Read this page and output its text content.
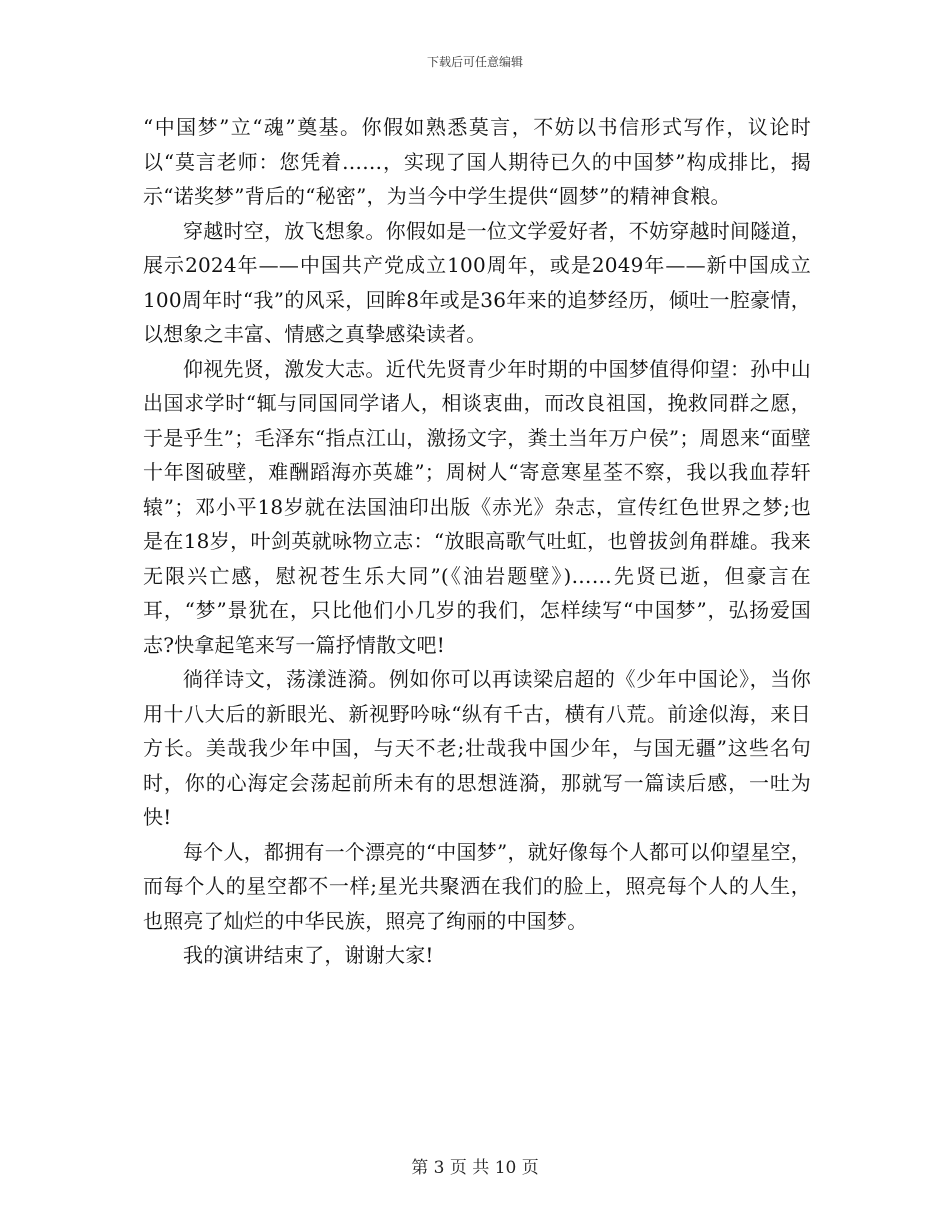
下载后可任意编辑

“中国梦”立“魂”奠基。你假如熟悉莫言，不妨以书信形式写作，议论时以“莫言老师：您凭着……，实现了国人期待已久的中国梦”构成排比，揭示“诺奖梦”背后的“秘密”，为当今中学生提供“圆梦”的精神食粮。

穿越时空，放飞想象。你假如是一位文学爱好者，不妨穿越时间隧道，展示2024年——中国共产党成立100周年，或是2049年——新中国成立100周年时“我”的风采，回眸8年或是36年来的追梦经历，倾吐一腔豪情，以想象之丰富、情感之真挚感染读者。

仰视先贤，激发大志。近代先贤青少年时期的中国梦值得仰望：孙中山出国求学时“辄与同国同学诸人，相谈衷曲，而改良祖国，挽救同群之愿，于是乎生”；毛泽东“指点江山，激扬文字，粪土当年万户侯”；周恩来“面壁十年图破壁，难酬蹈海亦英雄”；周树人“寄意寒星荃不察，我以我血荐轩辕”；邓小平18岁就在法国油印出版《赤光》杂志，宣传红色世界之梦;也是在18岁，叶剑英就咏物立志：“放眼高歌气吐虹，也曾拔剑角群雄。我来无限兴亡感，慰祝苍生乐大同”(《油岩题壁》)……先贤已逝，但豪言在耳，“梦”景犹在，只比他们小几岁的我们，怎样续写“中国梦”，弘扬爱国志?快拿起笔来写一篇抒情散文吧!

徜徉诗文，荡漾涟漪。例如你可以再读梁启超的《少年中国论》，当你用十八大后的新眼光、新视野吟咏“纵有千古，横有八荒。前途似海，来日方长。美哉我少年中国，与天不老;壮哉我中国少年，与国无疆”这些名句时，你的心海定会荡起前所未有的思想涟漪，那就写一篇读后感，一吐为快!

每个人，都拥有一个漂亮的“中国梦”，就好像每个人都可以仰望星空，而每个人的星空都不一样;星光共聚洒在我们的脸上，照亮每个人的人生，也照亮了灿烂的中华民族，照亮了绚丽的中国梦。

我的演讲结束了，谢谢大家!

第 3 页 共 10 页
